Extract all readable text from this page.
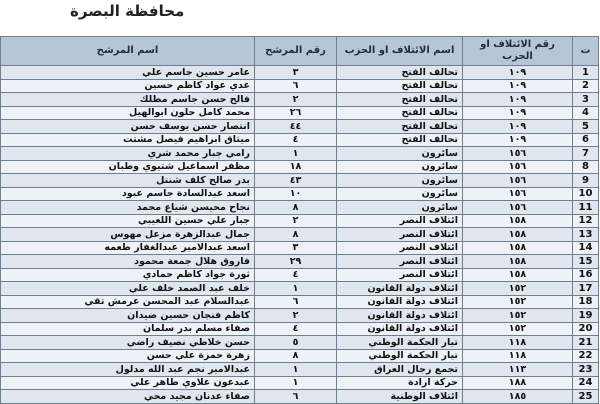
محافظة البصرة
ت	رقم الائتلاف او الحزب	اسم الائتلاف او الحزب	رقم المرشح	اسم المرشح
1	١٠٩	تحالف الفتح	٣	عامر حسين جاسم علي
2	١٠٩	تحالف الفتح	٦	عدي عواد كاظم حسين
3	١٠٩	تحالف الفتح	٢	فالح حسن جاسم مطلك
4	١٠٩	تحالف الفتح	٢٦	محمد كامل حلون ابوالهيل
5	١٠٩	تحالف الفتح	٤٤	انتصار حسن يوسف حسن
6	١٠٩	تحالف الفتح	٤	ميثاق ابراهيم فيصل مشتت
7	١٥٦	سائرون	١	رامي جبار محمد شري
8	١٥٦	سائرون	١٨	مظفر اسماعيل شتيوي وطبان
9	١٥٦	سائرون	٤٣	بدر صالح كلف شنتل
10	١٥٦	سائرون	١٠	اسعد عبدالسادة جاسم عبود
11	١٥٦	سائرون	٨	نجاح محيسن شياع محمد
12	١٥٨	ائتلاف النصر	٢	جبار علي حسين اللعيبي
13	١٥٨	ائتلاف النصر	٨	جمال عبدالزهرة مزعل مهوس
14	١٥٨	ائتلاف النصر	٣	اسعد عبدالامير عبدالغفار طعمه
15	١٥٨	ائتلاف النصر	٢٩	فاروق هلال جمعة محمود
16	١٥٨	ائتلاف النصر	٤	ثورة جواد كاظم حمادي
17	١٥٢	ائتلاف دولة القانون	١	خلف عبد الصمد خلف علي
18	١٥٢	ائتلاف دولة القانون	٦	عبدالسلام عبد المحسن عرمش تقي
19	١٥٢	ائتلاف دولة القانون	٢	كاظم فنجان حسين ضيدان
20	١٥٢	ائتلاف دولة القانون	٤	صفاء مسلم بدر سلمان
21	١١٨	تيار الحكمة الوطني	٥	حسن خلاطي نصيف راضي
22	١١٨	تيار الحكمة الوطني	٨	زهرة حمزة علي حسن
23	١١٣	تجمع رجال العراق	١	عبدالامير نجم عبد الله مدلول
24	١٨٨	حركة ارادة	١	عبدعون علاوي طاهر علي
25	١٨٥	ائتلاف الوطنية	٦	صفاء عدنان مجيد محي
